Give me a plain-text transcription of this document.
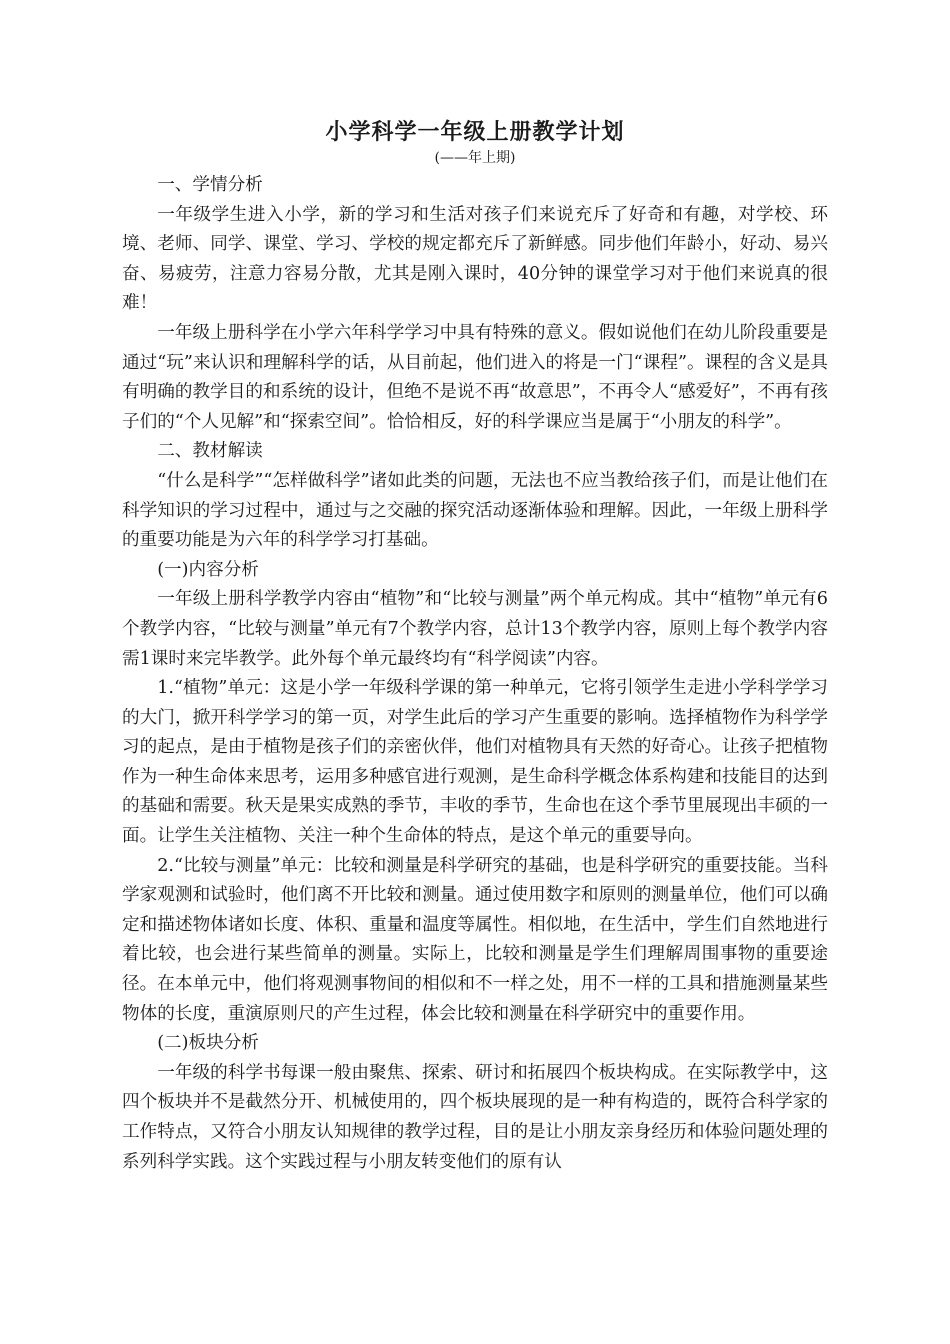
小学科学一年级上册教学计划
(——年上期)
一、学情分析

一年级学生进入小学，新的学习和生活对孩子们来说充斥了好奇和有趣，对学校、环境、老师、同学、课堂、学习、学校的规定都充斥了新鲜感。同步他们年龄小，好动、易兴奋、易疲劳，注意力容易分散，尤其是刚入课时，40分钟的课堂学习对于他们来说真的很难！

一年级上册科学在小学六年科学学习中具有特殊的意义。假如说他们在幼儿阶段重要是通过“玩”来认识和理解科学的话，从目前起，他们进入的将是一门“课程”。课程的含义是具有明确的教学目的和系统的设计，但绝不是说不再“故意思”，不再令人“感爱好”，不再有孩子们的“个人见解”和“探索空间”。恰恰相反，好的科学课应当是属于“小朋友的科学”。

二、教材解读

“什么是科学”“怎样做科学”诸如此类的问题，无法也不应当教给孩子们，而是让他们在科学知识的学习过程中，通过与之交融的探究活动逐渐体验和理解。因此，一年级上册科学的重要功能是为六年的科学学习打基础。

(一)内容分析

一年级上册科学教学内容由“植物”和“比较与测量”两个单元构成。其中“植物”单元有6个教学内容，“比较与测量”单元有7个教学内容，总计13个教学内容，原则上每个教学内容需1课时来完毕教学。此外每个单元最终均有“科学阅读”内容。

1.“植物”单元：这是小学一年级科学课的第一种单元，它将引领学生走进小学科学学习的大门，掀开科学学习的第一页，对学生此后的学习产生重要的影响。选择植物作为科学学习的起点，是由于植物是孩子们的亲密伙伴，他们对植物具有天然的好奇心。让孩子把植物作为一种生命体来思考，运用多种感官进行观测，是生命科学概念体系构建和技能目的达到的基础和需要。秋天是果实成熟的季节，丰收的季节，生命也在这个季节里展现出丰硕的一面。让学生关注植物、关注一种个生命体的特点，是这个单元的重要导向。

2.“比较与测量”单元：比较和测量是科学研究的基础，也是科学研究的重要技能。当科学家观测和试验时，他们离不开比较和测量。通过使用数字和原则的测量单位，他们可以确定和描述物体诸如长度、体积、重量和温度等属性。相似地，在生活中，学生们自然地进行着比较，也会进行某些简单的测量。实际上，比较和测量是学生们理解周围事物的重要途径。在本单元中，他们将观测事物间的相似和不一样之处，用不一样的工具和措施测量某些物体的长度，重演原则尺的产生过程，体会比较和测量在科学研究中的重要作用。

(二)板块分析

一年级的科学书每课一般由聚焦、探索、研讨和拓展四个板块构成。在实际教学中，这四个板块并不是截然分开、机械使用的，四个板块展现的是一种有构造的，既符合科学家的工作特点，又符合小朋友认知规律的教学过程，目的是让小朋友亲身经历和体验问题处理的系列科学实践。这个实践过程与小朋友转变他们的原有认
